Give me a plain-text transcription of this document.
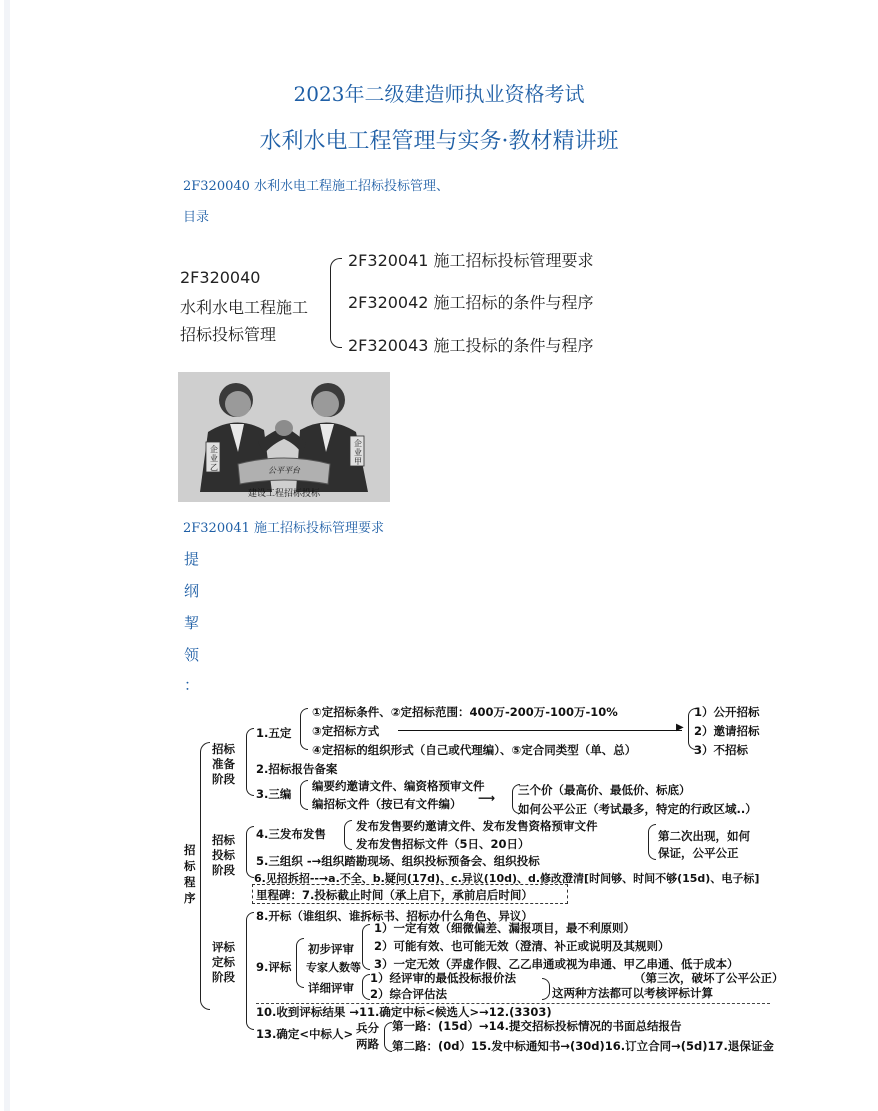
2023年二级建造师执业资格考试
水利水电工程管理与实务·教材精讲班
2F320040 水利水电工程施工招标投标管理、
目录
2F320040
水利水电工程施工
招标投标管理
2F320041 施工招标投标管理要求
2F320042 施工招标的条件与程序
2F320043 施工投标的条件与程序
企业乙
企业甲
公平平台
建设工程招标投标
2F320041 施工招标投标管理要求
提
纲
挈
领
：
招
标
程
序
招标
准备
阶段
招标
投标
阶段
评标
定标
阶段
1.五定
①定招标条件、②定招标范围：400万-200万-100万-10%
③定招标方式	▶
④定招标的组织形式（自己或代理编）、⑤定合同类型（单、总）
1）公开招标
2）邀请招标
3）不招标
2.招标报告备案
3.三编
编要约邀请文件、编资格预审文件
编招标文件（按已有文件编） ⟶
三个价（最高价、最低价、标底）
如何公平公正（考试最多，特定的行政区域..）
4.三发布发售
发布发售要约邀请文件、发布发售资格预审文件
发布发售招标文件（5日、20日）
第二次出现，如何
保证，公平公正
5.三组织 -→组织踏勘现场、组织投标预备会、组织投标
6.见招拆招--→a.不全、b.疑问(17d)、c.异议(10d)、d.修改澄清[时间够、时间不够(15d)、电子标]
里程碑：7.投标截止时间（承上启下，承前启后时间）
8.开标（谁组织、谁拆标书、招标办什么角色、异议）
9.评标
初步评审
专家人数等
详细评审
1）一定有效（细微偏差、漏报项目，最不利原则）
2）可能有效、也可能无效（澄清、补正或说明及其规则）
3）一定无效（弄虚作假、乙乙串通或视为串通、甲乙串通、低于成本）
1）经评审的最低投标报价法
2）综合评估法
（第三次，破坏了公平公正）
这两种方法都可以考核评标计算
10.收到评标结果 →11.确定中标<候选人>→12.(3303)
13.确定<中标人> 兵分
两路
第一路：(15d）→14.提交招标投标情况的书面总结报告
第二路：(0d）15.发中标通知书→(30d)16.订立合同→(5d)17.退保证金
